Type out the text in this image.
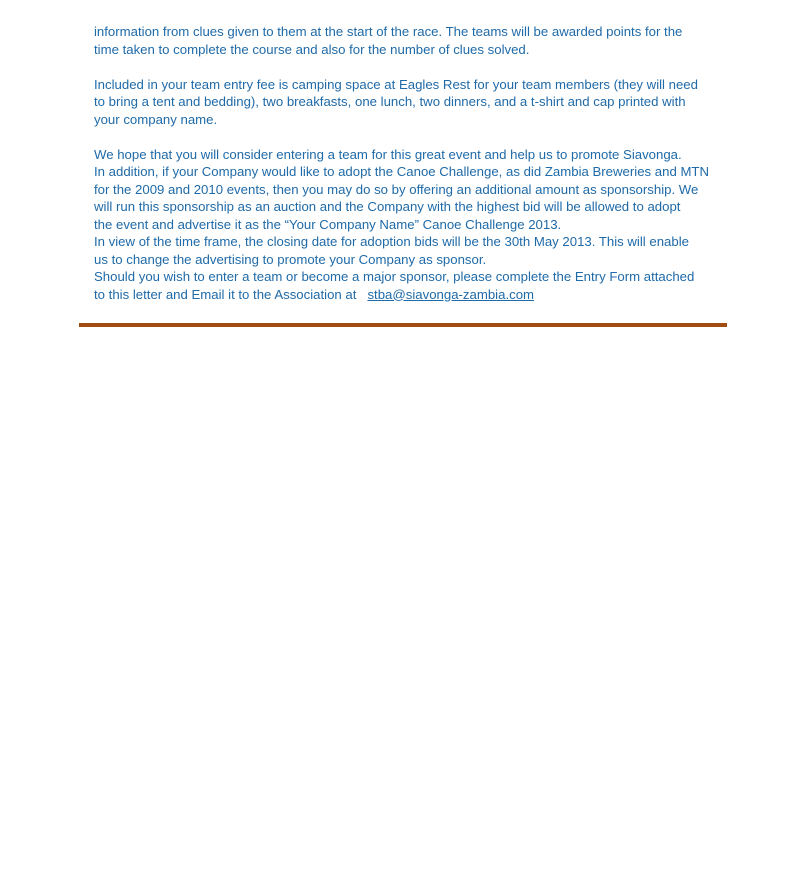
information from clues given to them at the start of the race. The teams will be awarded points for the
time taken to complete the course and also for the number of clues solved.

Included in your team entry fee is camping space at Eagles Rest for your team members (they will need
to bring a tent and bedding), two breakfasts, one lunch, two dinners, and a t-shirt and cap printed with
your company name.

We hope that you will consider entering a team for this great event and help us to promote Siavonga.
In addition, if your Company would like to adopt the Canoe Challenge, as did Zambia Breweries and MTN
for the 2009 and 2010 events, then you may do so by offering an additional amount as sponsorship. We
will run this sponsorship as an auction and the Company with the highest bid will be allowed to adopt
the event and advertise it as the “Your Company Name” Canoe Challenge 2013.
In view of the time frame, the closing date for adoption bids will be the 30th May 2013. This will enable
us to change the advertising to promote your Company as sponsor.
Should you wish to enter a team or become a major sponsor, please complete the Entry Form attached
to this letter and Email it to the Association at   stba@siavonga-zambia.com
